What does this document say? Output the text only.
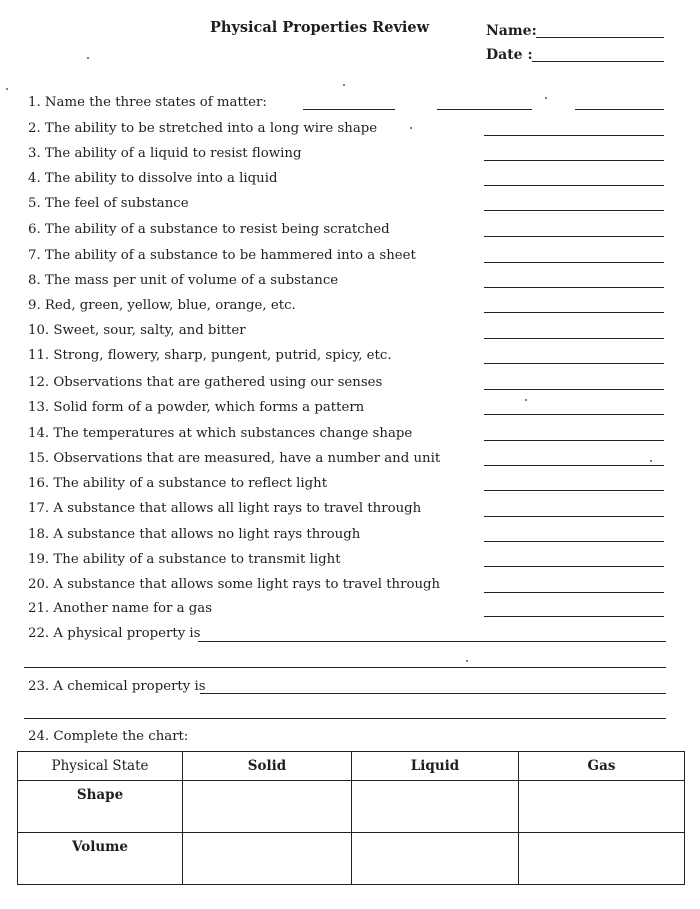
Physical Properties Review	Name:
Date :
1. Name the three states of matter:
2. The ability to be stretched into a long wire shape
3. The ability of a liquid to resist flowing
4. The ability to dissolve into a liquid
5. The feel of substance
6. The ability of a substance to resist being scratched
7. The ability of a substance to be hammered into a sheet
8. The mass per unit of volume of a substance
9. Red, green, yellow, blue, orange, etc.
10. Sweet, sour, salty, and bitter
11. Strong, flowery, sharp, pungent, putrid, spicy, etc.
12. Observations that are gathered using our senses
13. Solid form of a powder, which forms a pattern
14. The temperatures at which substances change shape
15. Observations that are measured, have a number and unit
16. The ability of a substance to reflect light
17. A substance that allows all light rays to travel through
18. A substance that allows no light rays through
19. The ability of a substance to transmit light
20. A substance that allows some light rays to travel through
21. Another name for a gas
22. A physical property is
23. A chemical property is
24. Complete the chart:
Physical State	Solid	Liquid	Gas
Shape			
Volume			
